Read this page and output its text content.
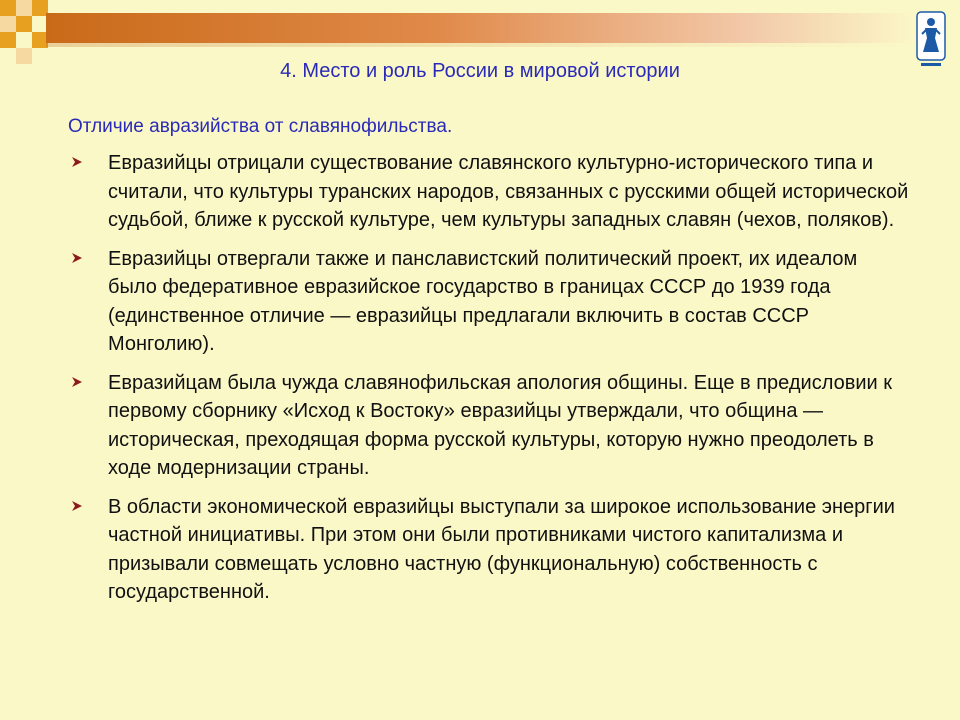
4. Место и роль России в мировой истории
Отличие авразийства от славянофильства.
Евразийцы отрицали существование славянского культурно-исторического типа и считали, что культуры туранских народов, связанных с русскими общей исторической судьбой, ближе к русской культуре, чем культуры западных славян (чехов, поляков).
Евразийцы отвергали также и панславистский политический проект, их идеалом было федеративное евразийское государство в границах СССР до 1939 года (единственное отличие — евразийцы предлагали включить в состав СССР Монголию).
Евразийцам была чужда славянофильская апология общины. Еще в предисловии к первому сборнику «Исход к Востоку» евразийцы утверждали, что община — историческая, преходящая форма русской культуры, которую нужно преодолеть в ходе модернизации страны.
В области экономической евразийцы выступали за широкое использование энергии частной инициативы. При этом они были противниками чистого капитализма и призывали совмещать условно частную (функциональную) собственность с государственной.
